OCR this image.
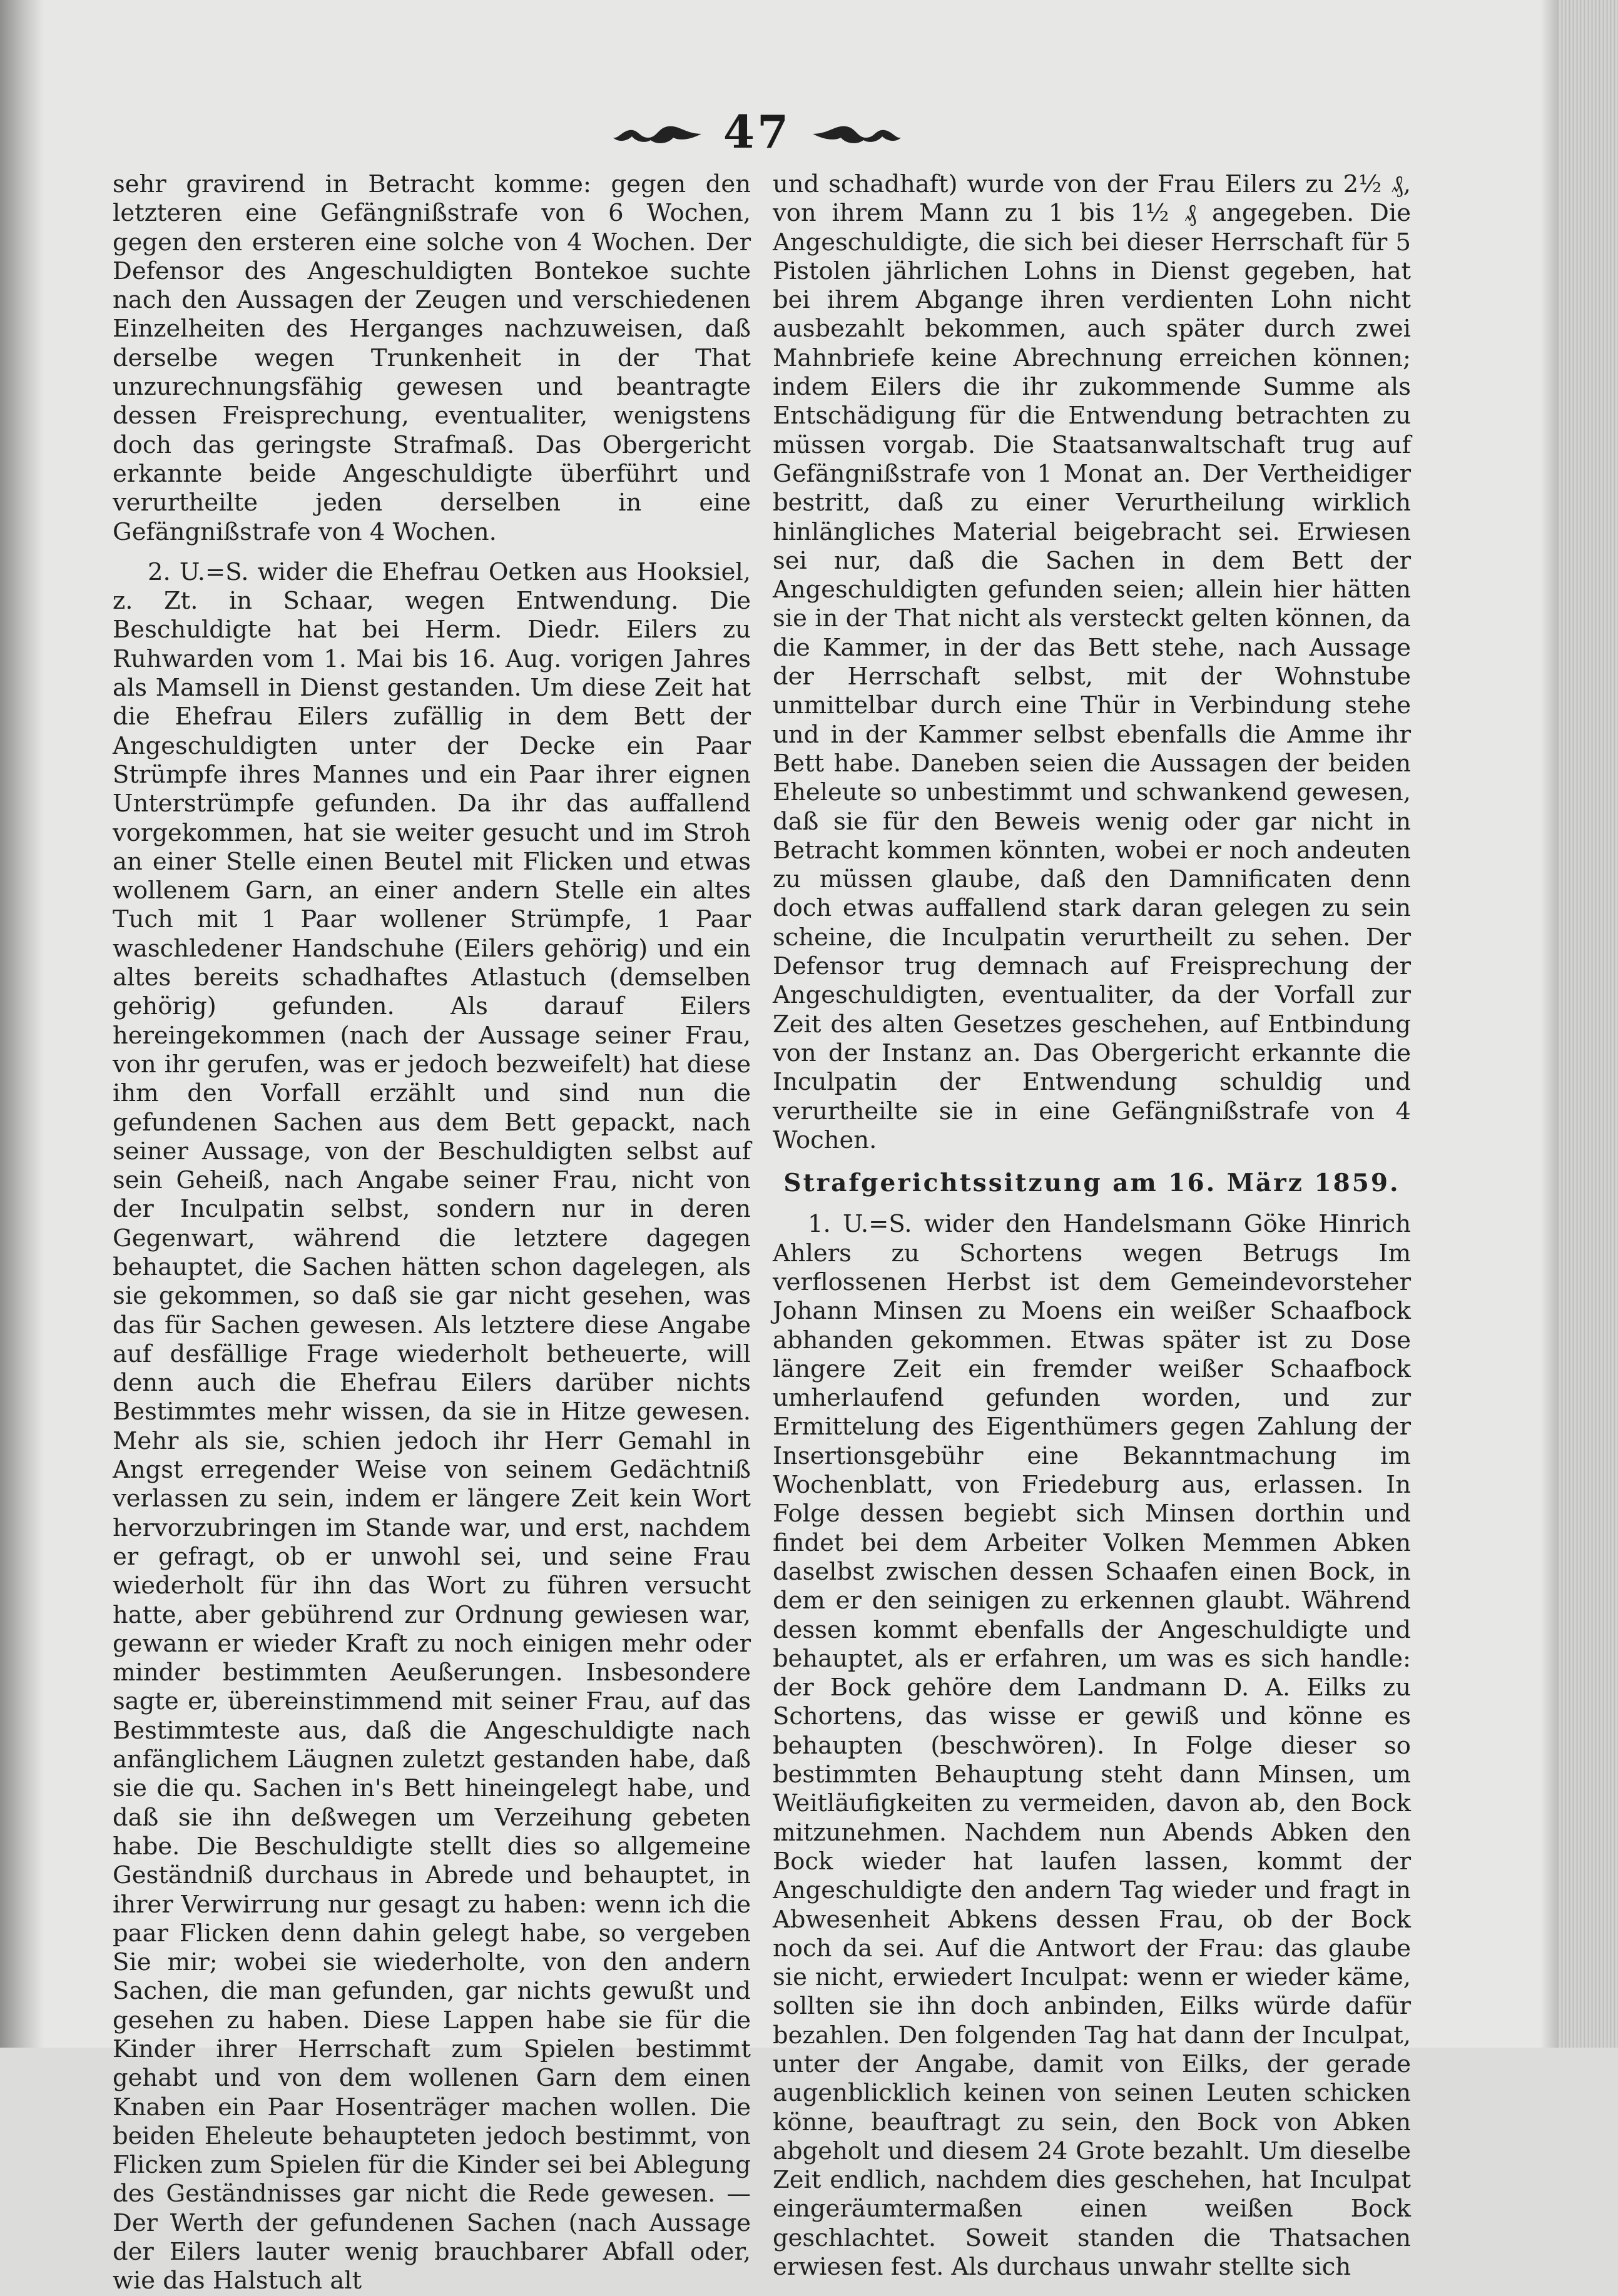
47

sehr gravirend in Betracht komme: gegen den letzteren eine Gefängnißstrafe von 6 Wochen, gegen den ersteren eine solche von 4 Wochen. Der Defensor des Angeschuldigten Bontekoe suchte nach den Aussagen der Zeugen und verschiedenen Einzelheiten des Herganges nachzuweisen, daß derselbe wegen Trunkenheit in der That unzurechnungsfähig gewesen und beantragte dessen Freisprechung, eventualiter, wenigstens doch das geringste Strafmaß. Das Obergericht erkannte beide Angeschuldigte überführt und verurtheilte jeden derselben in eine Gefängnißstrafe von 4 Wochen.

2. U.=S. wider die Ehefrau Oetken aus Hooksiel, z. Zt. in Schaar, wegen Entwendung. Die Beschuldigte hat bei Herm. Diedr. Eilers zu Ruhwarden vom 1. Mai bis 16. Aug. vorigen Jahres als Mamsell in Dienst gestanden. Um diese Zeit hat die Ehefrau Eilers zufällig in dem Bett der Angeschuldigten unter der Decke ein Paar Strümpfe ihres Mannes und ein Paar ihrer eignen Unterstrümpfe gefunden. Da ihr das auffallend vorgekommen, hat sie weiter gesucht und im Stroh an einer Stelle einen Beutel mit Flicken und etwas wollenem Garn, an einer andern Stelle ein altes Tuch mit 1 Paar wollener Strümpfe, 1 Paar waschledener Handschuhe (Eilers gehörig) und ein altes bereits schadhaftes Atlastuch (demselben gehörig) gefunden. Als darauf Eilers hereingekommen (nach der Aussage seiner Frau, von ihr gerufen, was er jedoch bezweifelt) hat diese ihm den Vorfall erzählt und sind nun die gefundenen Sachen aus dem Bett gepackt, nach seiner Aussage, von der Beschuldigten selbst auf sein Geheiß, nach Angabe seiner Frau, nicht von der Inculpatin selbst, sondern nur in deren Gegenwart, während die letztere dagegen behauptet, die Sachen hätten schon dagelegen, als sie gekommen, so daß sie gar nicht gesehen, was das für Sachen gewesen. Als letztere diese Angabe auf desfällige Frage wiederholt betheuerte, will denn auch die Ehefrau Eilers darüber nichts Bestimmtes mehr wissen, da sie in Hitze gewesen. Mehr als sie, schien jedoch ihr Herr Gemahl in Angst erregender Weise von seinem Gedächtniß verlassen zu sein, indem er längere Zeit kein Wort hervorzubringen im Stande war, und erst, nachdem er gefragt, ob er unwohl sei, und seine Frau wiederholt für ihn das Wort zu führen versucht hatte, aber gebührend zur Ordnung gewiesen war, gewann er wieder Kraft zu noch einigen mehr oder minder bestimmten Aeußerungen. Insbesondere sagte er, übereinstimmend mit seiner Frau, auf das Bestimmteste aus, daß die Angeschuldigte nach anfänglichem Läugnen zuletzt gestanden habe, daß sie die qu. Sachen in's Bett hineingelegt habe, und daß sie ihn deßwegen um Verzeihung gebeten habe. Die Beschuldigte stellt dies so allgemeine Geständniß durchaus in Abrede und behauptet, in ihrer Verwirrung nur gesagt zu haben: wenn ich die paar Flicken denn dahin gelegt habe, so vergeben Sie mir; wobei sie wiederholte, von den andern Sachen, die man gefunden, gar nichts gewußt und gesehen zu haben. Diese Lappen habe sie für die Kinder ihrer Herrschaft zum Spielen bestimmt gehabt und von dem wollenen Garn dem einen Knaben ein Paar Hosenträger machen wollen. Die beiden Eheleute behaupteten jedoch bestimmt, von Flicken zum Spielen für die Kinder sei bei Ablegung des Geständnisses gar nicht die Rede gewesen. — Der Werth der gefundenen Sachen (nach Aussage der Eilers lauter wenig brauchbarer Abfall oder, wie das Halstuch alt

und schadhaft) wurde von der Frau Eilers zu 2½ ₰, von ihrem Mann zu 1 bis 1½ ₰ angegeben. Die Angeschuldigte, die sich bei dieser Herrschaft für 5 Pistolen jährlichen Lohns in Dienst gegeben, hat bei ihrem Abgange ihren verdienten Lohn nicht ausbezahlt bekommen, auch später durch zwei Mahnbriefe keine Abrechnung erreichen können; indem Eilers die ihr zukommende Summe als Entschädigung für die Entwendung betrachten zu müssen vorgab. Die Staatsanwaltschaft trug auf Gefängnißstrafe von 1 Monat an. Der Vertheidiger bestritt, daß zu einer Verurtheilung wirklich hinlängliches Material beigebracht sei. Erwiesen sei nur, daß die Sachen in dem Bett der Angeschuldigten gefunden seien; allein hier hätten sie in der That nicht als versteckt gelten können, da die Kammer, in der das Bett stehe, nach Aussage der Herrschaft selbst, mit der Wohnstube unmittelbar durch eine Thür in Verbindung stehe und in der Kammer selbst ebenfalls die Amme ihr Bett habe. Daneben seien die Aussagen der beiden Eheleute so unbestimmt und schwankend gewesen, daß sie für den Beweis wenig oder gar nicht in Betracht kommen könnten, wobei er noch andeuten zu müssen glaube, daß den Damnificaten denn doch etwas auffallend stark daran gelegen zu sein scheine, die Inculpatin verurtheilt zu sehen. Der Defensor trug demnach auf Freisprechung der Angeschuldigten, eventualiter, da der Vorfall zur Zeit des alten Gesetzes geschehen, auf Entbindung von der Instanz an. Das Obergericht erkannte die Inculpatin der Entwendung schuldig und verurtheilte sie in eine Gefängnißstrafe von 4 Wochen.

Strafgerichtssitzung am 16. März 1859.

1. U.=S. wider den Handelsmann Göke Hinrich Ahlers zu Schortens wegen Betrugs Im verflossenen Herbst ist dem Gemeindevorsteher Johann Minsen zu Moens ein weißer Schaafbock abhanden gekommen. Etwas später ist zu Dose längere Zeit ein fremder weißer Schaafbock umherlaufend gefunden worden, und zur Ermittelung des Eigenthümers gegen Zahlung der Insertionsgebühr eine Bekanntmachung im Wochenblatt, von Friedeburg aus, erlassen. In Folge dessen begiebt sich Minsen dorthin und findet bei dem Arbeiter Volken Memmen Abken daselbst zwischen dessen Schaafen einen Bock, in dem er den seinigen zu erkennen glaubt. Während dessen kommt ebenfalls der Angeschuldigte und behauptet, als er erfahren, um was es sich handle: der Bock gehöre dem Landmann D. A. Eilks zu Schortens, das wisse er gewiß und könne es behaupten (beschwören). In Folge dieser so bestimmten Behauptung steht dann Minsen, um Weitläufigkeiten zu vermeiden, davon ab, den Bock mitzunehmen. Nachdem nun Abends Abken den Bock wieder hat laufen lassen, kommt der Angeschuldigte den andern Tag wieder und fragt in Abwesenheit Abkens dessen Frau, ob der Bock noch da sei. Auf die Antwort der Frau: das glaube sie nicht, erwiedert Inculpat: wenn er wieder käme, sollten sie ihn doch anbinden, Eilks würde dafür bezahlen. Den folgenden Tag hat dann der Inculpat, unter der Angabe, damit von Eilks, der gerade augenblicklich keinen von seinen Leuten schicken könne, beauftragt zu sein, den Bock von Abken abgeholt und diesem 24 Grote bezahlt. Um dieselbe Zeit endlich, nachdem dies geschehen, hat Inculpat eingeräumtermaßen einen weißen Bock geschlachtet. Soweit standen die Thatsachen erwiesen fest. Als durchaus unwahr stellte sich
